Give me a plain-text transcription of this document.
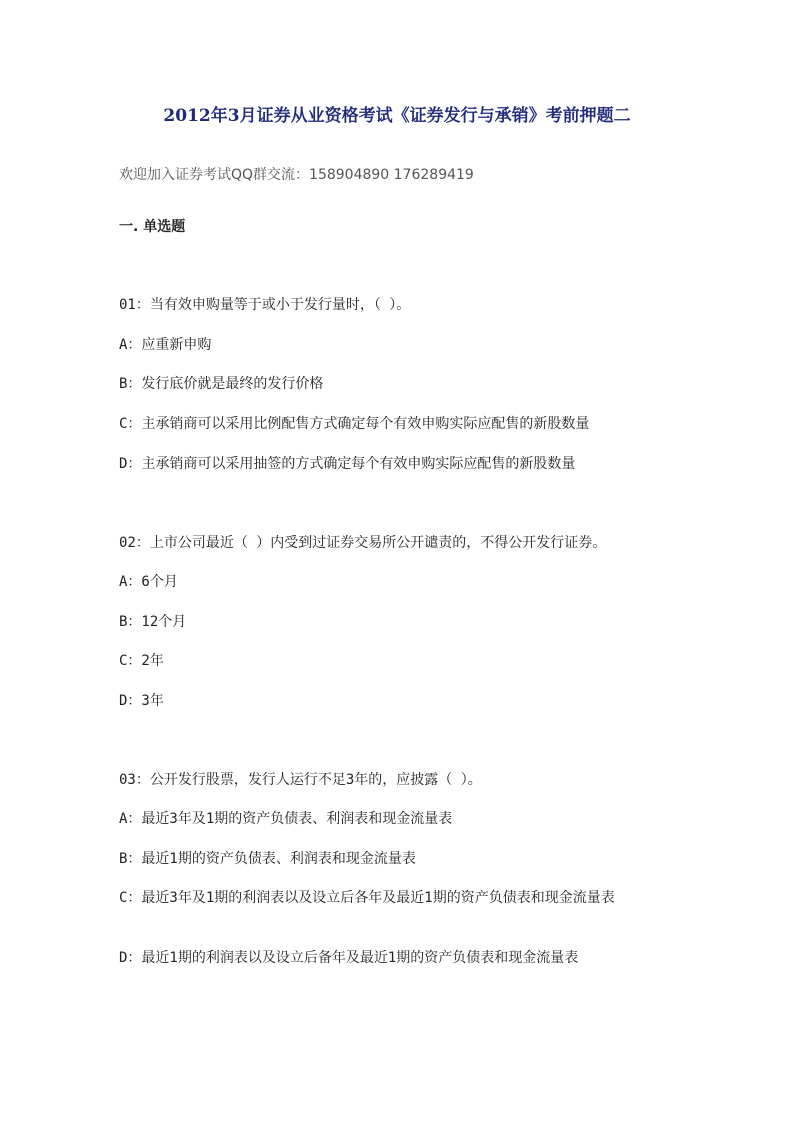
2012年3月证券从业资格考试《证券发行与承销》考前押题二
欢迎加入证券考试QQ群交流：158904890 176289419
一. 单选题
01：当有效申购量等于或小于发行量时，（ ）。
A：应重新申购
B：发行底价就是最终的发行价格
C：主承销商可以采用比例配售方式确定每个有效申购实际应配售的新股数量
D：主承销商可以采用抽签的方式确定每个有效申购实际应配售的新股数量
02：上市公司最近（ ）内受到过证券交易所公开谴责的，不得公开发行证券。
A：6个月
B：12个月
C：2年
D：3年
03：公开发行股票，发行人运行不足3年的，应披露（ ）。
A：最近3年及1期的资产负债表、利润表和现金流量表
B：最近1期的资产负债表、利润表和现金流量表
C：最近3年及1期的利润表以及设立后各年及最近1期的资产负债表和现金流量表
D：最近1期的利润表以及设立后备年及最近1期的资产负债表和现金流量表
